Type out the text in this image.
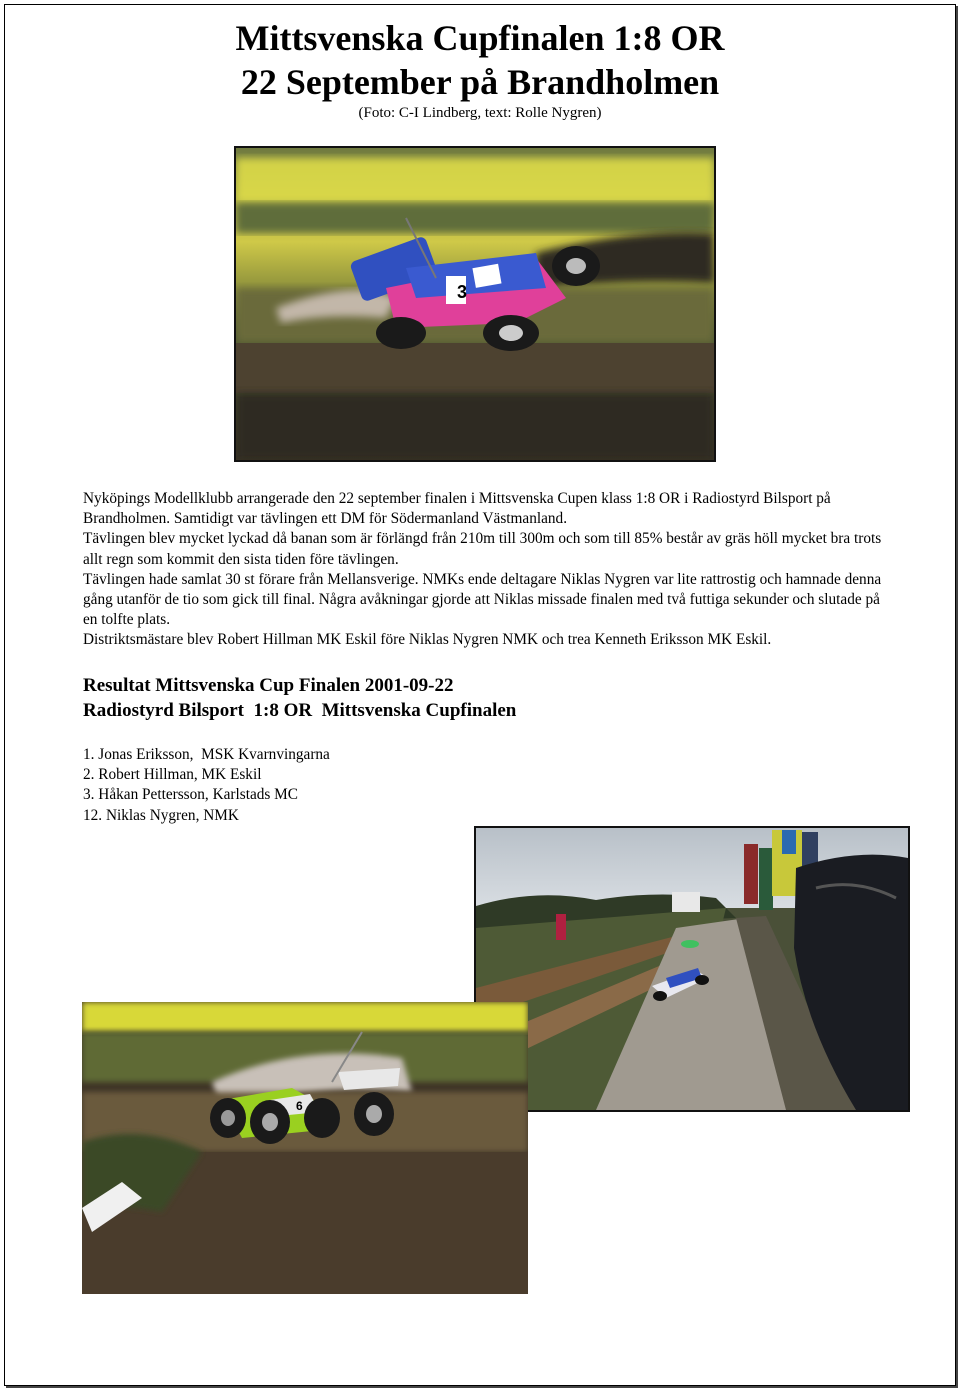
Mittsvenska Cupfinalen 1:8 OR
22 September på Brandholmen
(Foto: C-I Lindberg, text: Rolle Nygren)
3

Nyköpings Modellklubb arrangerade den 22 september finalen i Mittsvenska Cupen klass 1:8 OR i Radiostyrd Bilsport på Brandholmen. Samtidigt var tävlingen ett DM för Södermanland Västmanland.

Tävlingen blev mycket lyckad då banan som är förlängd från 210m till 300m och som till 85% består av gräs höll mycket bra trots allt regn som kommit den sista tiden före tävlingen.

Tävlingen hade samlat 30 st förare från Mellansverige. NMKs ende deltagare Niklas Nygren var lite rattrostig och hamnade denna gång utanför de tio som gick till final. Några avåkningar gjorde att Niklas missade finalen med två futtiga sekunder och slutade på en tolfte plats.

Distriktsmästare blev Robert Hillman MK Eskil före Niklas Nygren NMK och trea Kenneth Eriksson MK Eskil.

Resultat Mittsvenska Cup Finalen 2001-09-22
Radiostyrd Bilsport  1:8 OR  Mittsvenska Cupfinalen
1. Jonas Eriksson,  MSK Kvarnvingarna
2. Robert Hillman, MK Eskil
3. Håkan Pettersson, Karlstads MC
12. Niklas Nygren, NMK
6
